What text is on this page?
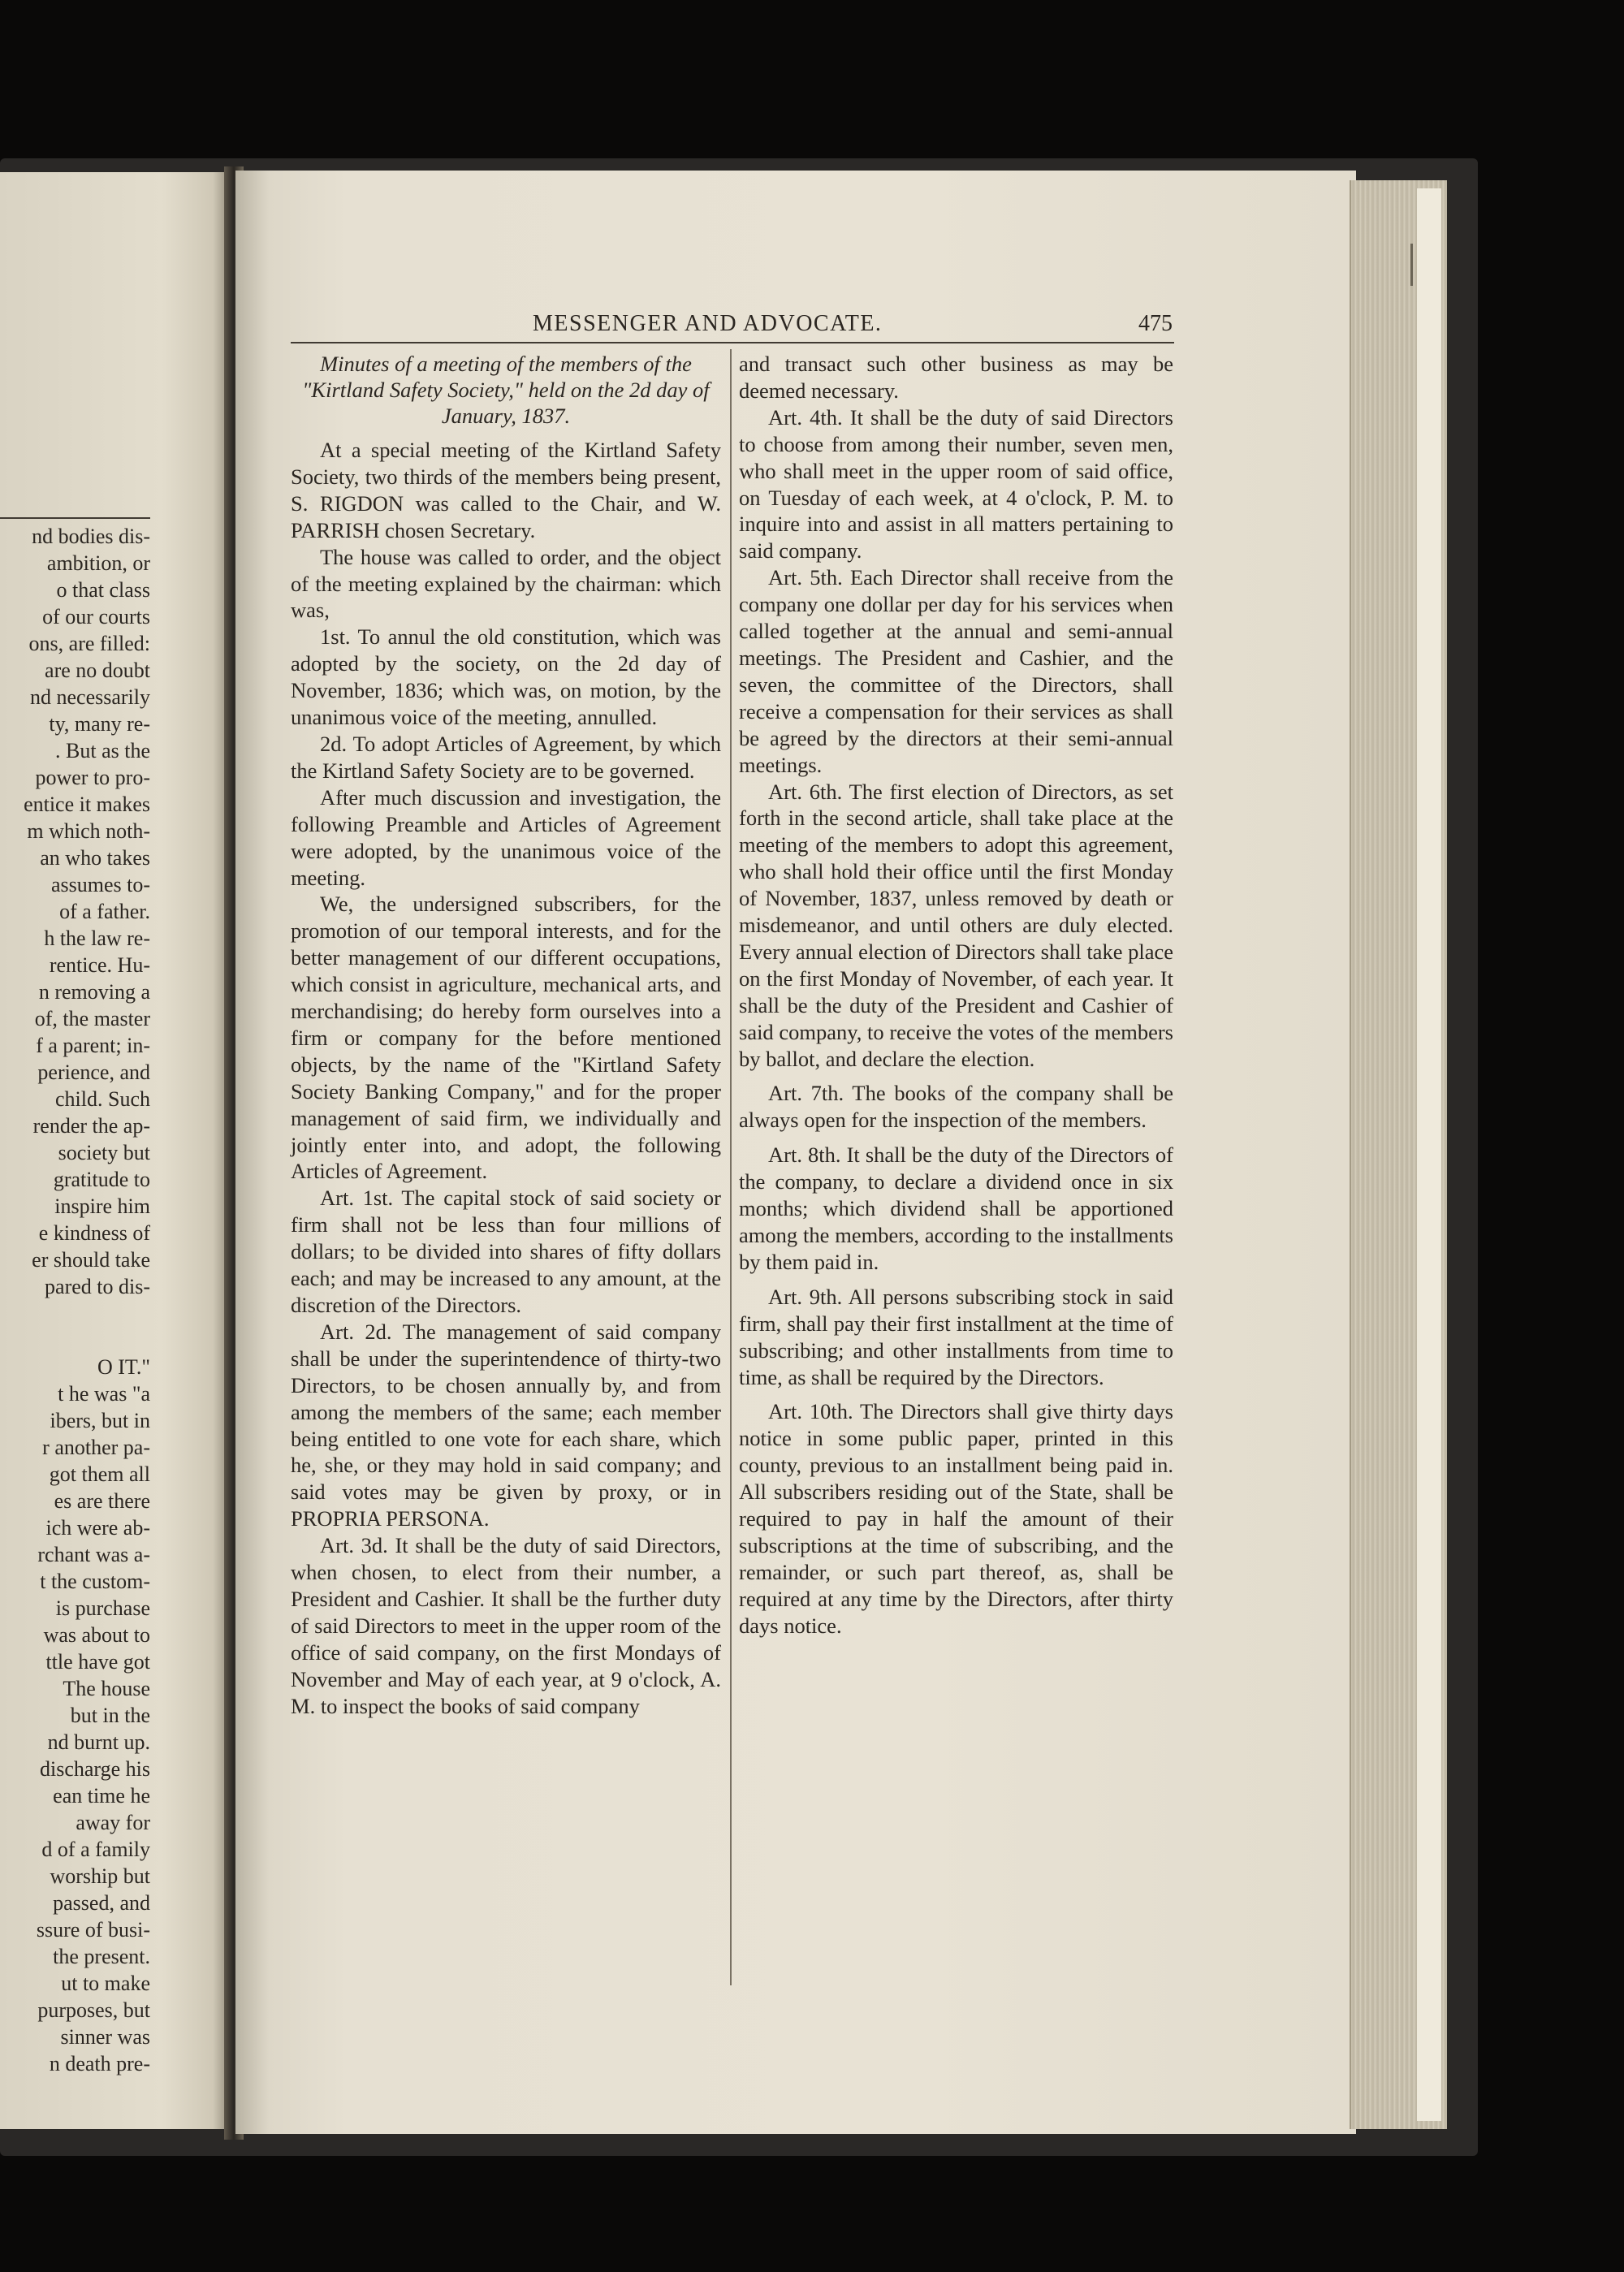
nd bodies dis-
ambition, or
o that class
of our courts
ons, are filled:
are no doubt
nd necessarily
ty, many re-
. But as the
power to pro-
entice it makes
m which noth-
an who takes
assumes to-
of a father.
h the law re-
rentice. Hu-
n removing a
of, the master
f a parent; in-
perience, and
child. Such
render the ap-
society but
gratitude to
inspire him
e kindness of
er should take
pared to dis-
O IT."
t he was "a
ibers, but in
r another pa-
got them all
es are there
ich were ab-
rchant was a-
t the custom-
is purchase
was about to
ttle have got
The house
but in the
nd burnt up.
discharge his
ean time he
away for
d of a family
worship but
passed, and
ssure of busi-
the present.
ut to make
purposes, but
sinner was
n death pre-
MESSENGER AND ADVOCATE.	475

Minutes of a meeting of the members of the "Kirtland Safety Society," held on the 2d day of January, 1837.

At a special meeting of the Kirtland Safety Society, two thirds of the members being present, S. RIGDON was called to the Chair, and W. PARRISH chosen Secretary.

The house was called to order, and the object of the meeting explained by the chairman: which was,

1st. To annul the old constitution, which was adopted by the society, on the 2d day of November, 1836; which was, on motion, by the unanimous voice of the meeting, annulled.

2d. To adopt Articles of Agreement, by which the Kirtland Safety Society are to be governed.

After much discussion and investigation, the following Preamble and Articles of Agreement were adopted, by the unanimous voice of the meeting.

We, the undersigned subscribers, for the promotion of our temporal interests, and for the better management of our different occupations, which consist in agriculture, mechanical arts, and merchandising; do hereby form ourselves into a firm or company for the before mentioned objects, by the name of the "Kirtland Safety Society Banking Company," and for the proper management of said firm, we individually and jointly enter into, and adopt, the following Articles of Agreement.

Art. 1st. The capital stock of said society or firm shall not be less than four millions of dollars; to be divided into shares of fifty dollars each; and may be increased to any amount, at the discretion of the Directors.

Art. 2d. The management of said company shall be under the superintendence of thirty-two Directors, to be chosen annually by, and from among the members of the same; each member being entitled to one vote for each share, which he, she, or they may hold in said company; and said votes may be given by proxy, or in PROPRIA PERSONA.

Art. 3d. It shall be the duty of said Directors, when chosen, to elect from their number, a President and Cashier. It shall be the further duty of said Directors to meet in the upper room of the office of said company, on the first Mondays of November and May of each year, at 9 o'clock, A. M. to inspect the books of said company

and transact such other business as may be deemed necessary.

Art. 4th. It shall be the duty of said Directors to choose from among their number, seven men, who shall meet in the upper room of said office, on Tuesday of each week, at 4 o'clock, P. M. to inquire into and assist in all matters pertaining to said company.

Art. 5th. Each Director shall receive from the company one dollar per day for his services when called together at the annual and semi-annual meetings. The President and Cashier, and the seven, the committee of the Directors, shall receive a compensation for their services as shall be agreed by the directors at their semi-annual meetings.

Art. 6th. The first election of Directors, as set forth in the second article, shall take place at the meeting of the members to adopt this agreement, who shall hold their office until the first Monday of November, 1837, unless removed by death or misdemeanor, and until others are duly elected. Every annual election of Directors shall take place on the first Monday of November, of each year. It shall be the duty of the President and Cashier of said company, to receive the votes of the members by ballot, and declare the election.

Art. 7th. The books of the company shall be always open for the inspection of the members.

Art. 8th. It shall be the duty of the Directors of the company, to declare a dividend once in six months; which dividend shall be apportioned among the members, according to the installments by them paid in.

Art. 9th. All persons subscribing stock in said firm, shall pay their first installment at the time of subscribing; and other installments from time to time, as shall be required by the Directors.

Art. 10th. The Directors shall give thirty days notice in some public paper, printed in this county, previous to an installment being paid in. All subscribers residing out of the State, shall be required to pay in half the amount of their subscriptions at the time of subscribing, and the remainder, or such part thereof, as, shall be required at any time by the Directors, after thirty days notice.
